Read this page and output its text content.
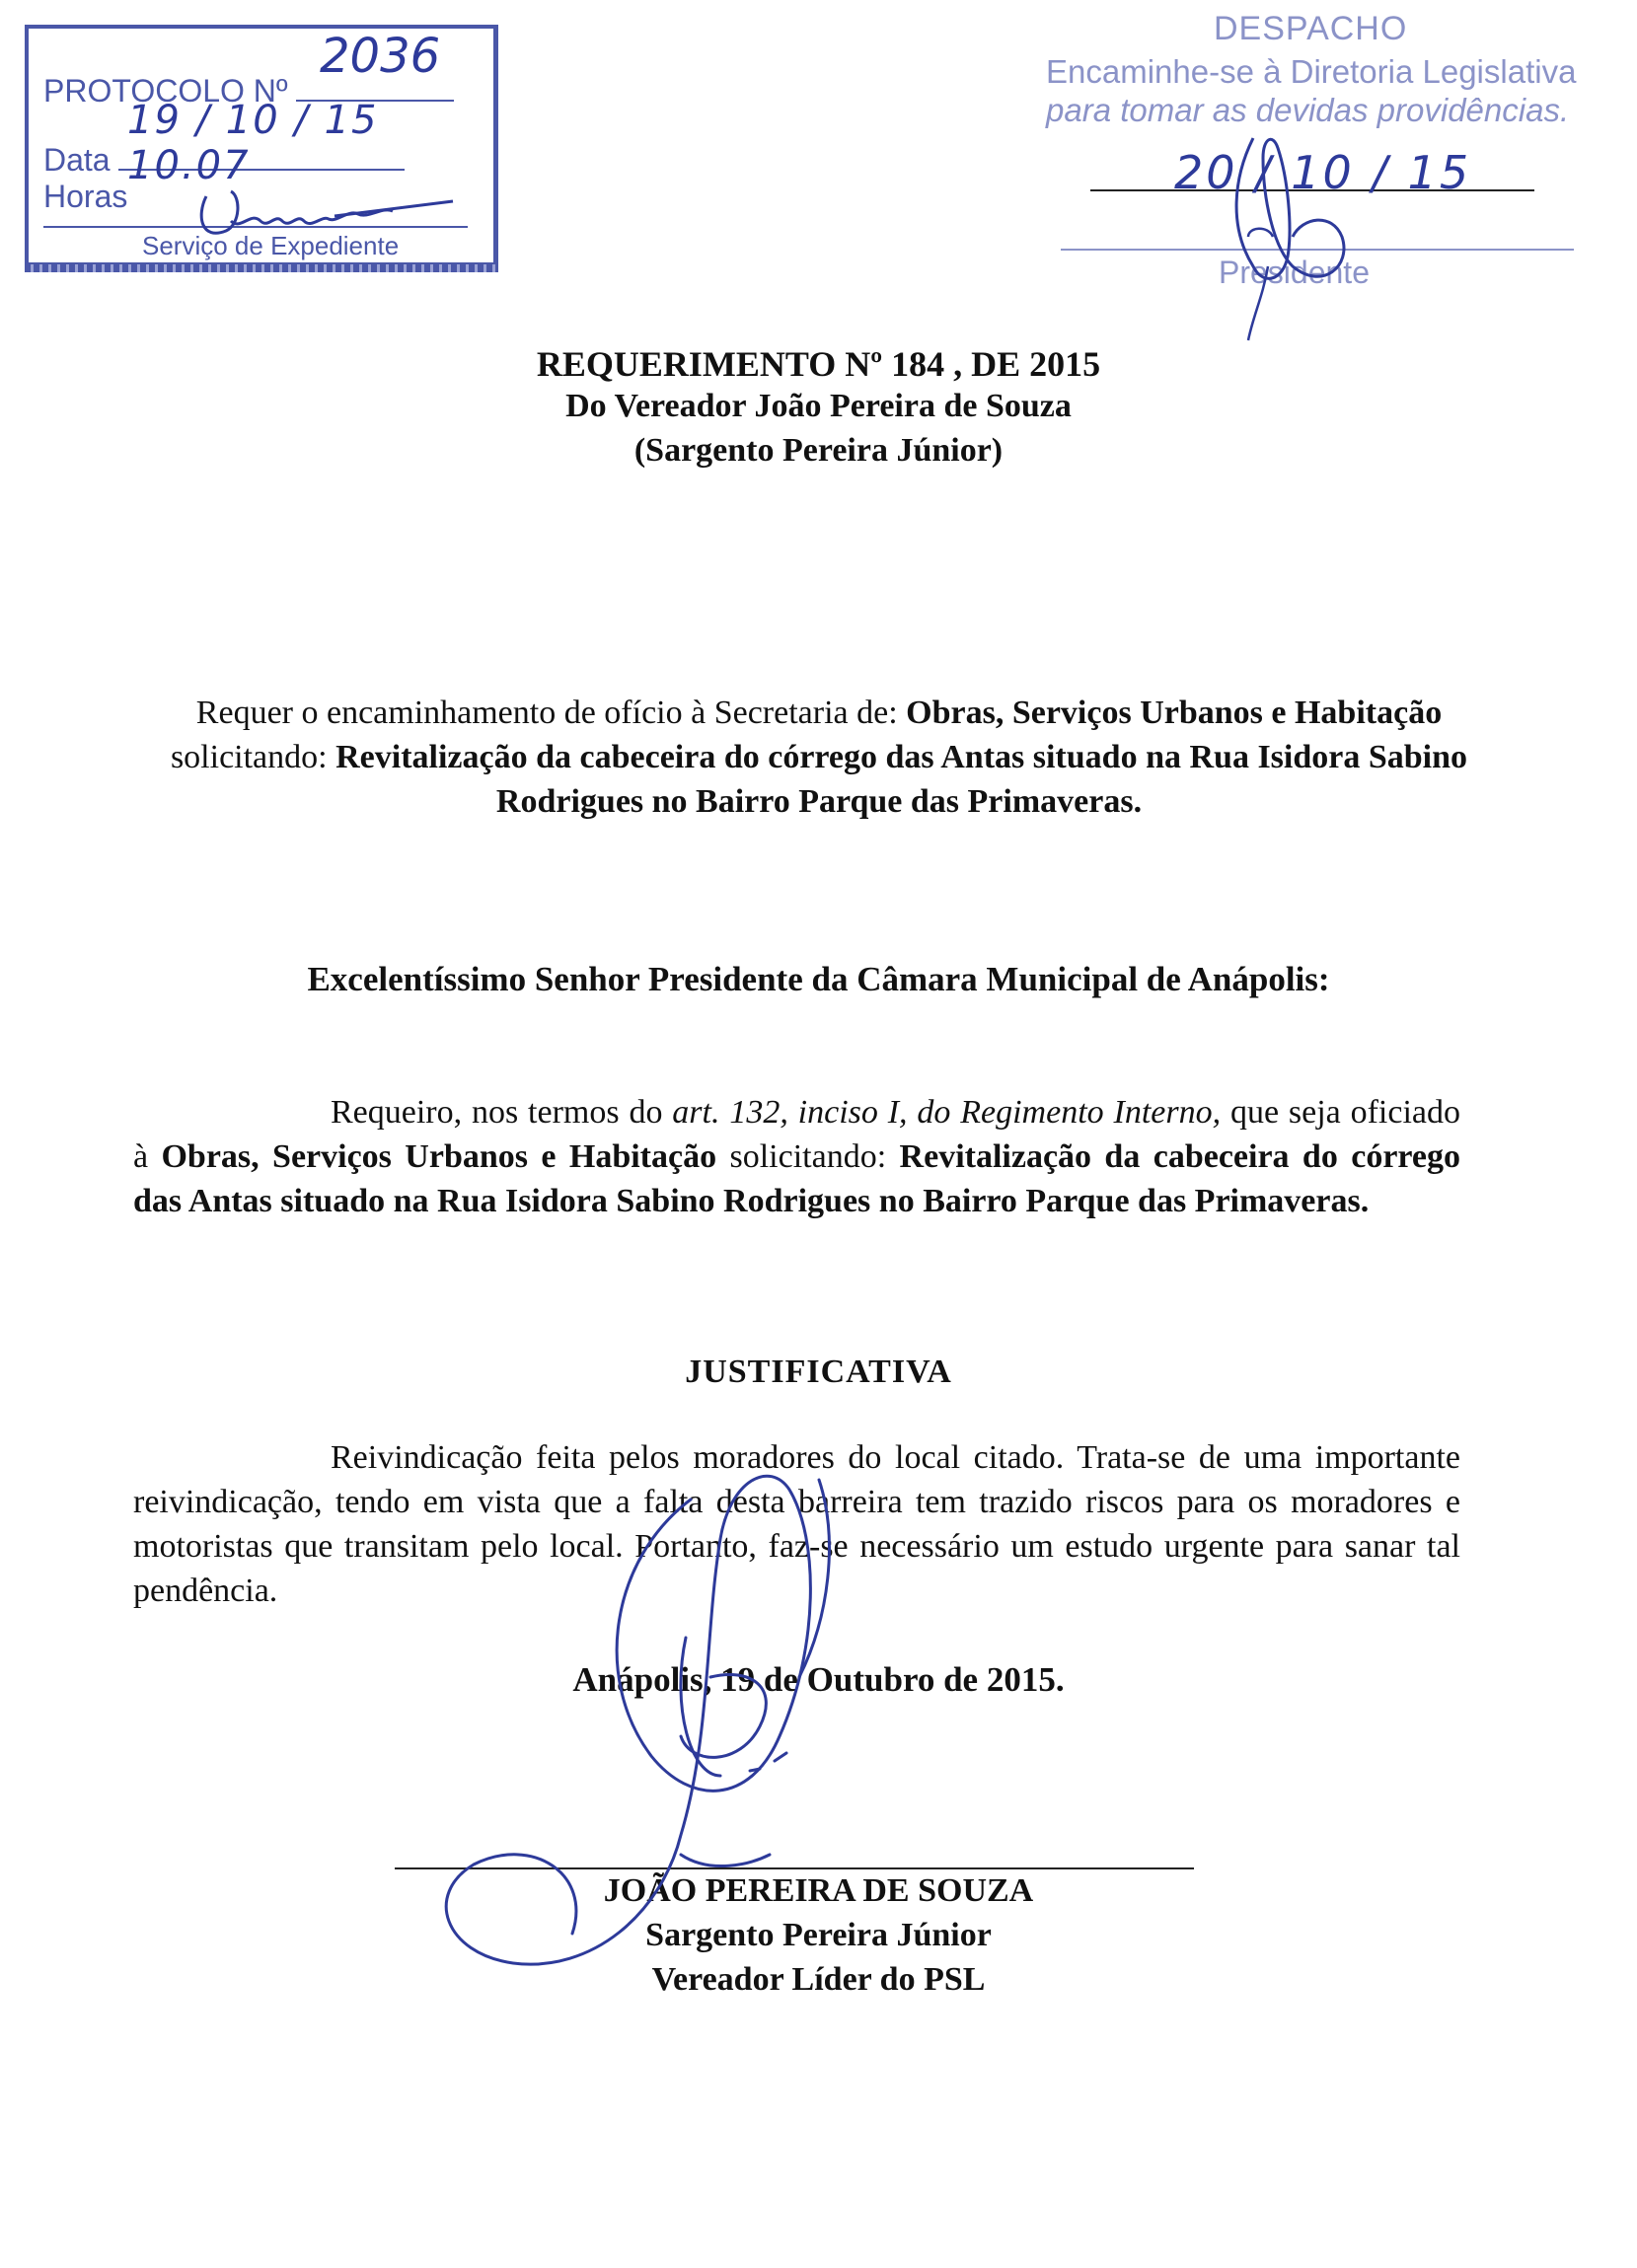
PROTOCOLO Nº
2036
Data  Horas
19 / 10 / 15 10.07
Serviço de Expediente
DESPACHO
Encaminhe-se à Diretoria Legislativa
para tomar as devidas providências.
20 / 10 / 15
Presidente
REQUERIMENTO Nº 184 , DE 2015
Do Vereador João Pereira de Souza
(Sargento Pereira Júnior)
Requer o encaminhamento de ofício à Secretaria de: Obras, Serviços Urbanos e Habitação
solicitando: Revitalização da cabeceira do córrego das Antas situado na Rua Isidora Sabino Rodrigues no Bairro Parque das Primaveras.
Excelentíssimo Senhor Presidente da Câmara Municipal de Anápolis:
Requeiro, nos termos do art. 132, inciso I, do Regimento Interno, que seja oficiado à Obras, Serviços Urbanos e Habitação solicitando: Revitalização da cabeceira do córrego das Antas situado na Rua Isidora Sabino Rodrigues no Bairro Parque das Primaveras.
JUSTIFICATIVA
Reivindicação feita pelos moradores do local citado. Trata-se de uma importante reivindicação, tendo em vista que a falta desta barreira tem trazido riscos para os moradores e motoristas que transitam pelo local. Portanto, faz-se necessário um estudo urgente para sanar tal pendência.
Anápolis, 19 de Outubro de 2015.
JOÃO PEREIRA DE SOUZA
Sargento Pereira Júnior
Vereador Líder do PSL
